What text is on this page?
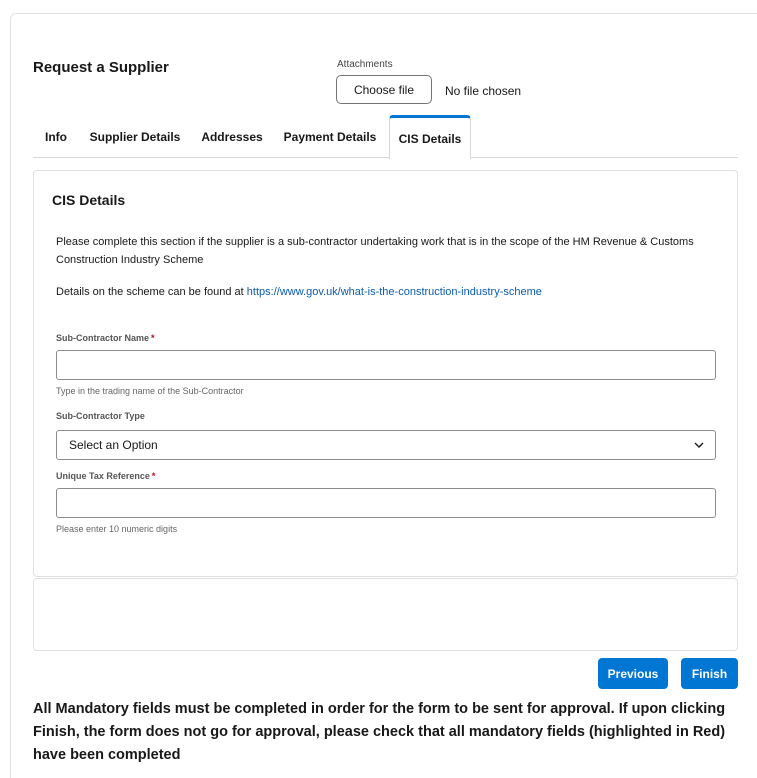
Request a Supplier	Attachments
Choose file	No file chosen
Info	Supplier Details	Addresses	Payment Details	CIS Details
CIS Details
Please complete this section if the supplier is a sub-contractor undertaking work that is in the scope of the HM Revenue & Customs Construction Industry Scheme
Details on the scheme can be found at https://www.gov.uk/what-is-the-construction-industry-scheme
Sub-Contractor Name *
Type in the trading name of the Sub-Contractor
Sub-Contractor Type
Select an Option
Unique Tax Reference *
Please enter 10 numeric digits
Previous	Finish
All Mandatory fields must be completed in order for the form to be sent for approval. If upon clicking Finish, the form does not go for approval, please check that all mandatory fields (highlighted in Red) have been completed
